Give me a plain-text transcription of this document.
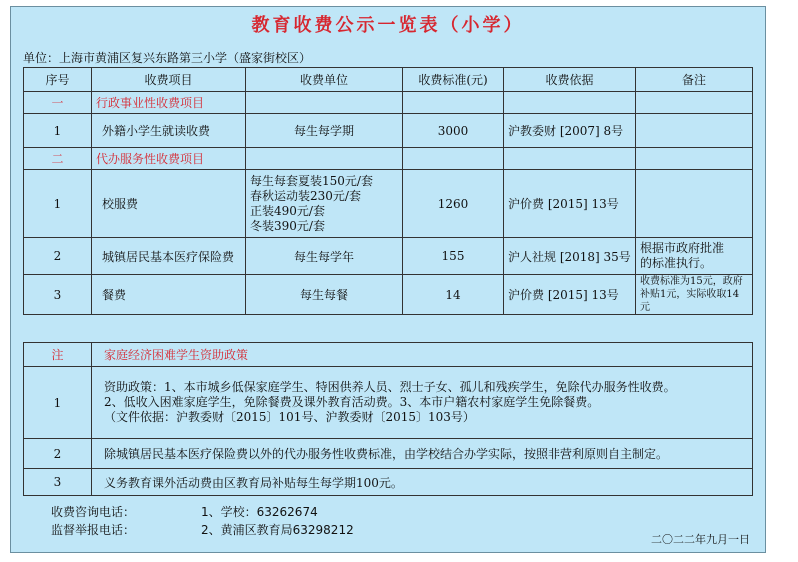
教育收费公示一览表（小学）
单位：上海市黄浦区复兴东路第三小学（盛家街校区）
序号	收费项目	收费单位	收费标准(元)	收费依据	备注
一	行政事业性收费项目				
1	外籍小学生就读收费	每生每学期	3000	沪教委财 [2007] 8号	
二	代办服务性收费项目				
1	校服费	每生每套夏装150元/套
春秋运动装230元/套
正装490元/套
冬装390元/套	1260	沪价费 [2015] 13号	
2	城镇居民基本医疗保险费	每生每学年	155	沪人社规 [2018] 35号	根据市政府批准
的标准执行。

3	餐费	每生每餐	14	沪价费 [2015] 13号	收费标准为15元，政府
补贴1元，实际收取14元
注	家庭经济困难学生资助政策
1	资助政策：1、本市城乡低保家庭学生、特困供养人员、烈士子女、孤儿和残疾学生，免除代办服务性收费。
2、低收入困难家庭学生，免除餐费及课外教育活动费。3、本市户籍农村家庭学生免除餐费。
（文件依据：沪教委财〔2015〕101号、沪教委财〔2015〕103号）

2	除城镇居民基本医疗保险费以外的代办服务性收费标准，由学校结合办学实际，按照非营利原则自主制定。
3	义务教育课外活动费由区教育局补贴每生每学期100元。
收费咨询电话：	1、学校：63262674
监督举报电话：	2、黄浦区教育局63298212
二〇二二年九月一日
